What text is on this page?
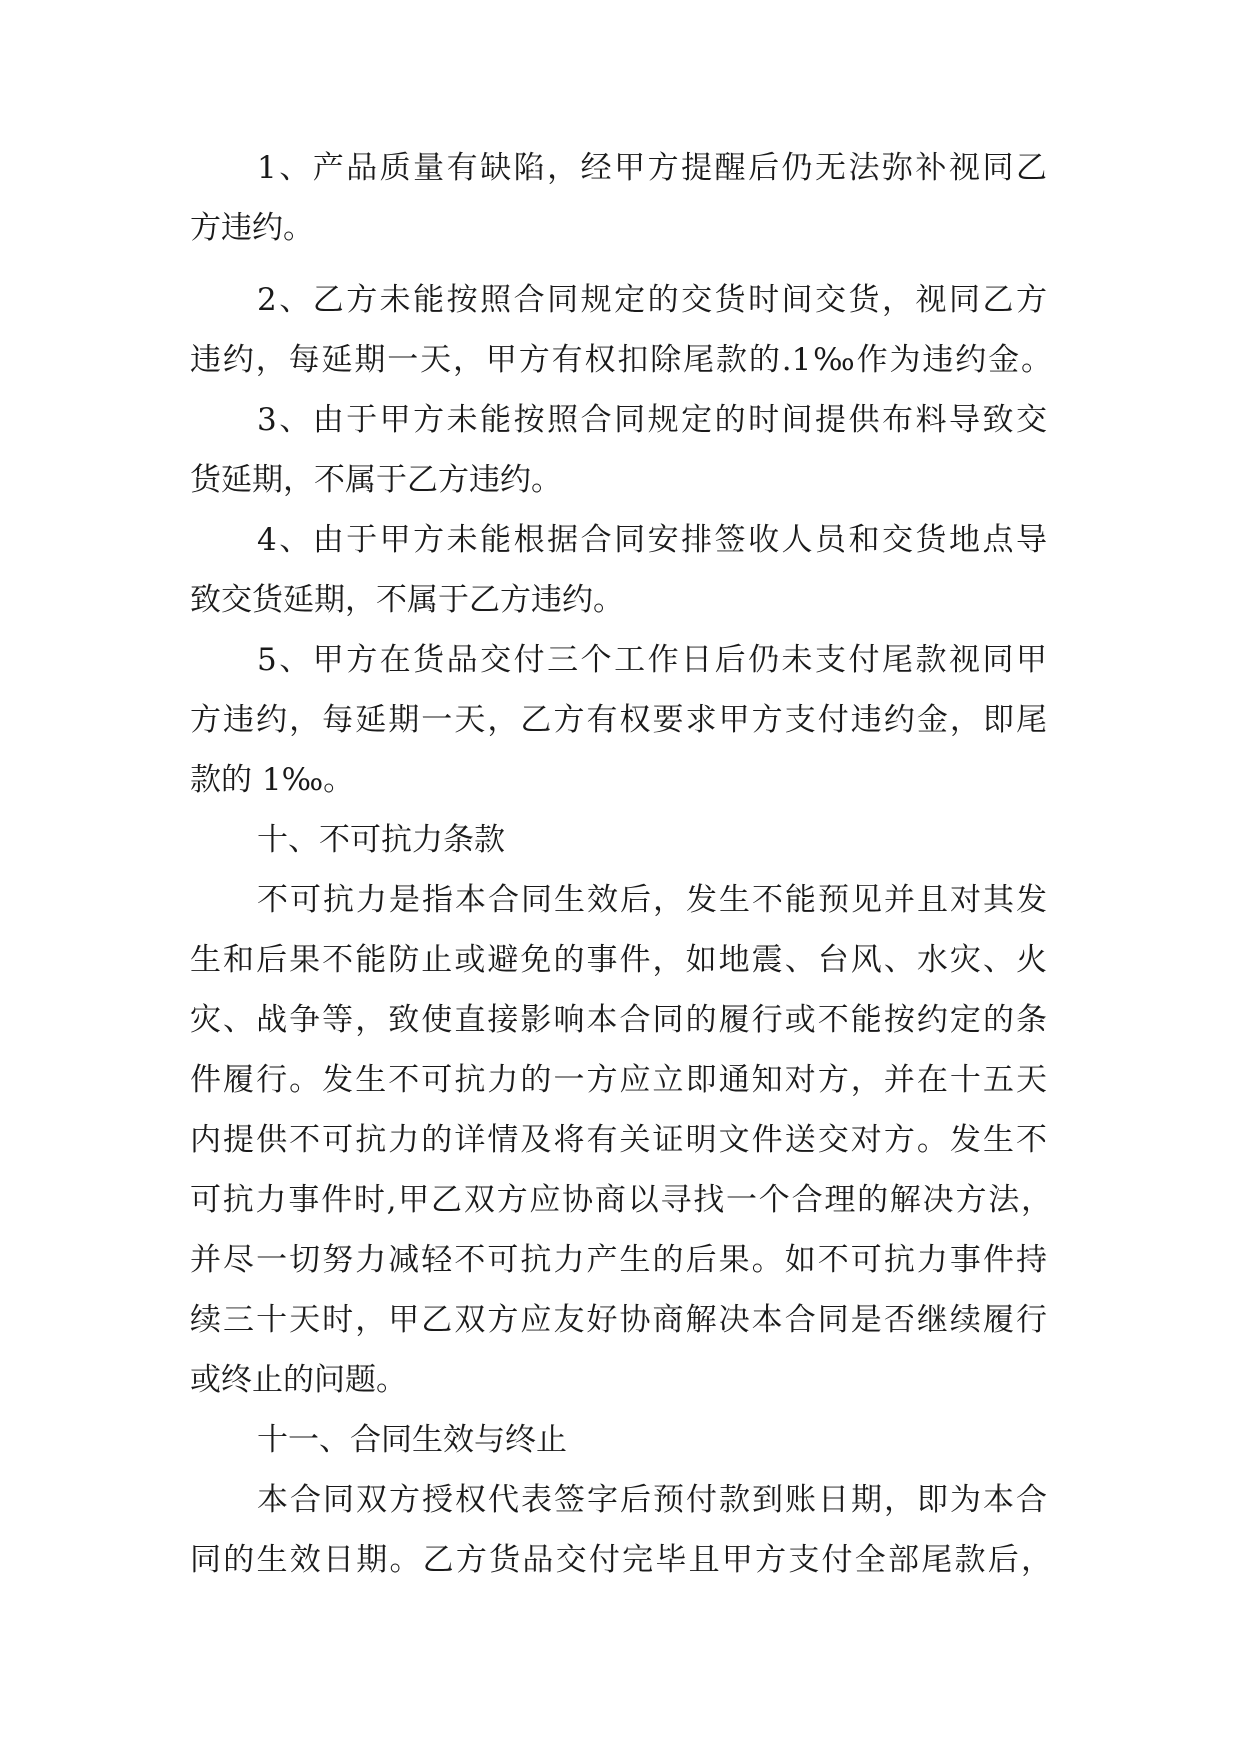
1、产品质量有缺陷，经甲方提醒后仍无法弥补视同乙
方违约。
2、乙方未能按照合同规定的交货时间交货，视同乙方
违约，每延期一天，甲方有权扣除尾款的.1‰作为违约金。
3、由于甲方未能按照合同规定的时间提供布料导致交
货延期，不属于乙方违约。
4、由于甲方未能根据合同安排签收人员和交货地点导
致交货延期，不属于乙方违约。
5、甲方在货品交付三个工作日后仍未支付尾款视同甲
方违约，每延期一天，乙方有权要求甲方支付违约金，即尾
款的 1‰。
十、不可抗力条款
不可抗力是指本合同生效后，发生不能预见并且对其发
生和后果不能防止或避免的事件，如地震、台风、水灾、火
灾、战争等，致使直接影响本合同的履行或不能按约定的条
件履行。发生不可抗力的一方应立即通知对方，并在十五天
内提供不可抗力的详情及将有关证明文件送交对方。发生不
可抗力事件时,甲乙双方应协商以寻找一个合理的解决方法，
并尽一切努力减轻不可抗力产生的后果。如不可抗力事件持
续三十天时，甲乙双方应友好协商解决本合同是否继续履行
或终止的问题。
十一、合同生效与终止
本合同双方授权代表签字后预付款到账日期，即为本合
同的生效日期。乙方货品交付完毕且甲方支付全部尾款后，
